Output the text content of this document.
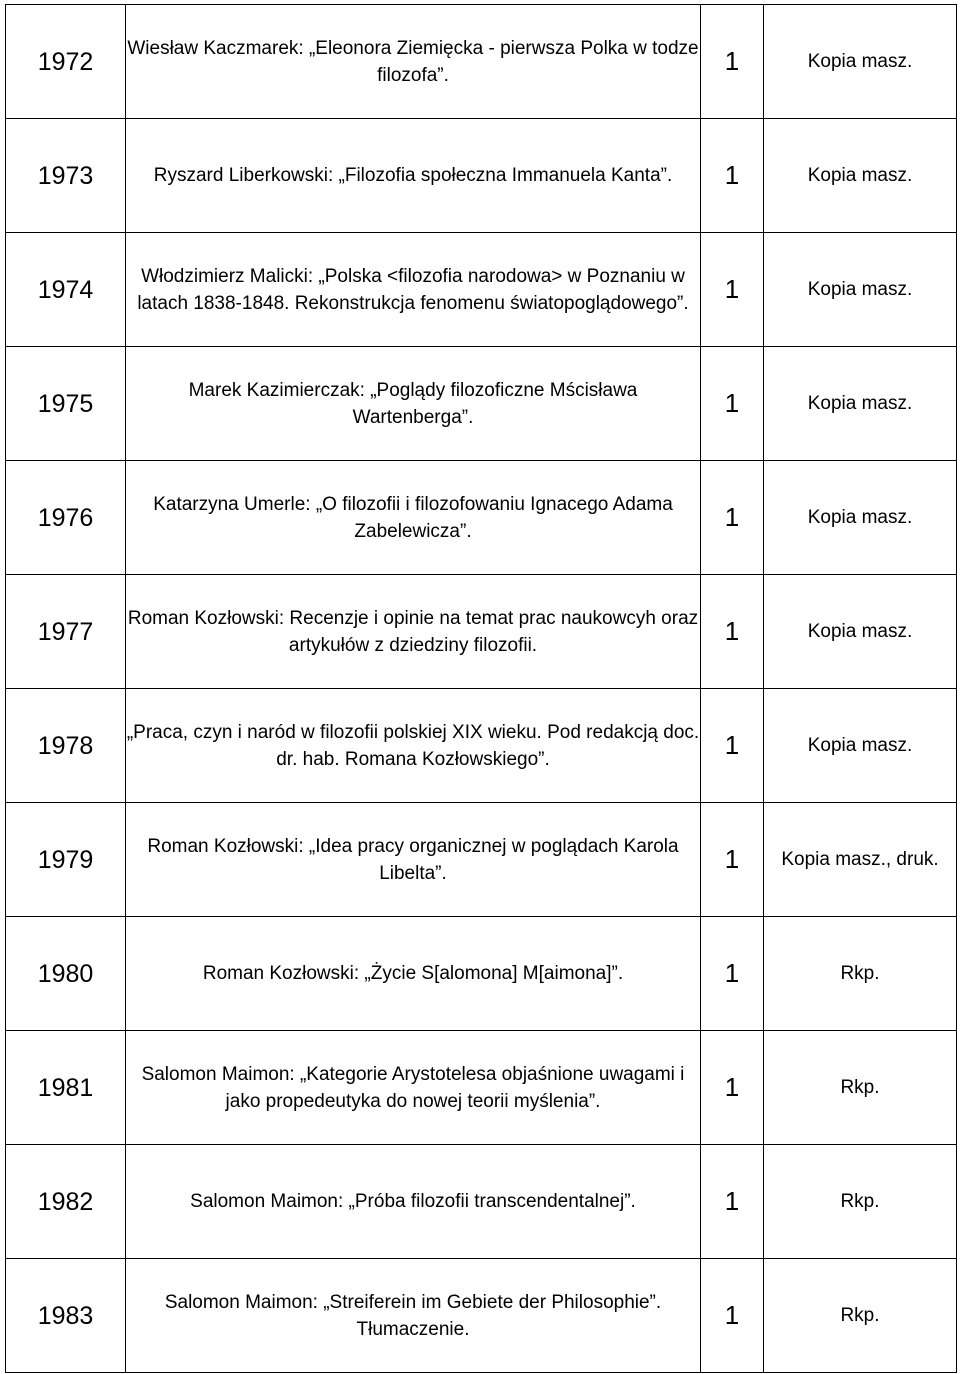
1972	Wiesław Kaczmarek: „Eleonora Ziemięcka - pierwsza Polka w todze filozofa”.	1	Kopia masz.
1973	Ryszard Liberkowski: „Filozofia społeczna Immanuela Kanta”.	1	Kopia masz.
1974	Włodzimierz Malicki: „Polska <filozofia narodowa> w Poznaniu w latach 1838-1848. Rekonstrukcja fenomenu światopoglądowego”.	1	Kopia masz.
1975	Marek Kazimierczak: „Poglądy filozoficzne Mścisława Wartenberga”.	1	Kopia masz.
1976	Katarzyna Umerle: „O filozofii i filozofowaniu Ignacego Adama Zabelewicza”.	1	Kopia masz.
1977	Roman Kozłowski: Recenzje i opinie na temat prac naukowcyh oraz artykułów z dziedziny filozofii.	1	Kopia masz.
1978	„Praca, czyn i naród w filozofii polskiej XIX wieku. Pod redakcją doc. dr. hab. Romana Kozłowskiego”.	1	Kopia masz.
1979	Roman Kozłowski: „Idea pracy organicznej w poglądach Karola Libelta”.	1	Kopia masz., druk.
1980	Roman Kozłowski: „Życie S[alomona] M[aimona]”.	1	Rkp.
1981	Salomon Maimon: „Kategorie Arystotelesa objaśnione uwagami i jako propedeutyka do nowej teorii myślenia”.	1	Rkp.
1982	Salomon Maimon: „Próba filozofii transcendentalnej”.	1	Rkp.
1983	Salomon Maimon: „Streiferein im Gebiete der Philosophie”. Tłumaczenie.	1	Rkp.
